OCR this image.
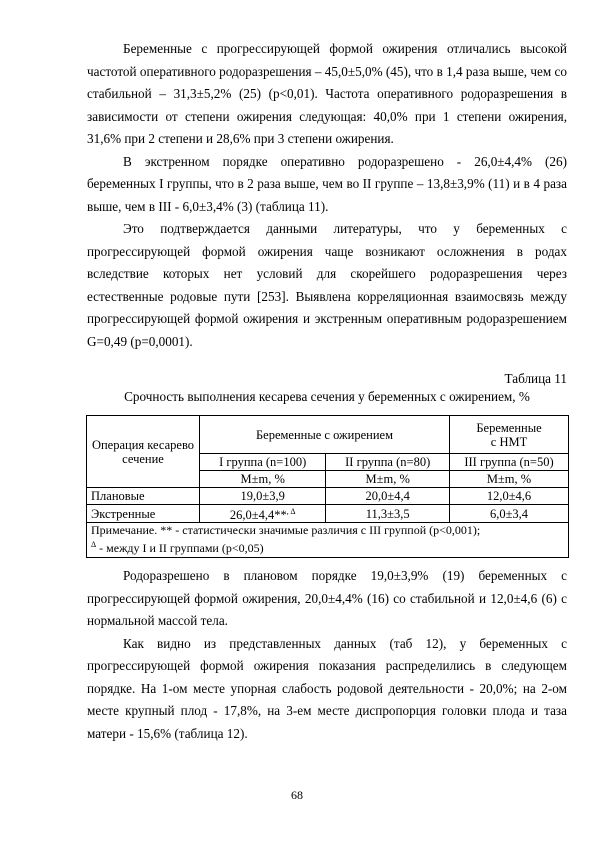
Беременные с прогрессирующей формой ожирения отличались высокой частотой оперативного родоразрешения – 45,0±5,0% (45), что в 1,4 раза выше, чем со стабильной – 31,3±5,2% (25) (р<0,01). Частота оперативного родоразрешения в зависимости от степени ожирения следующая: 40,0% при 1 степени ожирения, 31,6% при 2 степени и 28,6% при 3 степени ожирения.

В экстренном порядке оперативно родоразрешено - 26,0±4,4% (26) беременных I группы, что в 2 раза выше, чем во II группе – 13,8±3,9% (11) и в 4 раза выше, чем в III - 6,0±3,4% (3) (таблица 11).

Это подтверждается данными литературы, что у беременных с прогрессирующей формой ожирения чаще возникают осложнения в родах вследствие которых нет условий для скорейшего родоразрешения через естественные родовые пути [253]. Выявлена корреляционная взаимосвязь между прогрессирующей формой ожирения и экстренным оперативным родоразрешением G=0,49 (p=0,0001).

Таблица 11
Срочность выполнения кесарева сечения у беременных с ожирением, %
Операция кесарево сечение	Беременные с ожирением		Беременные
с НМТ
	I группа (n=100)	II группа (n=80)	III группа (n=50)
	M±m, %	M±m, %	M±m, %
Плановые	19,0±3,9	20,0±4,4	12,0±4,6
Экстренные	26,0±4,4**$^{, \Delta}$	11,3±3,5	6,0±3,4
Примечание. ** - статистически значимые различия с III группой (p<0,001);
$^\Delta$ - между I и II группами (p<0,05)			

Родоразрешено в плановом порядке 19,0±3,9% (19) беременных с прогрессирующей формой ожирения, 20,0±4,4% (16) со стабильной и 12,0±4,6 (6) с нормальной массой тела.

Как видно из представленных данных (таб 12), у беременных с прогрессирующей формой ожирения показания распределились в следующем порядке. На 1-ом месте упорная слабость родовой деятельности - 20,0%; на 2-ом месте крупный плод - 17,8%, на 3-ем месте диспропорция головки плода и таза матери - 15,6% (таблица 12).

68
